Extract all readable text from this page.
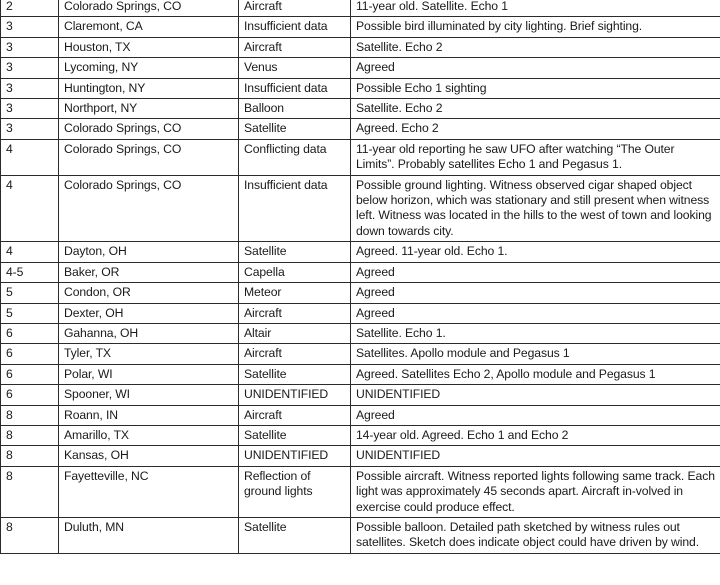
2	Colorado Springs, CO	Aircraft	11-year old. Satellite. Echo 1
3	Claremont, CA	Insufficient data	Possible bird illuminated by city lighting. Brief sighting.
3	Houston, TX	Aircraft	Satellite. Echo 2
3	Lycoming, NY	Venus	Agreed
3	Huntington, NY	Insufficient data	Possible Echo 1 sighting
3	Northport, NY	Balloon	Satellite. Echo 2
3	Colorado Springs, CO	Satellite	Agreed. Echo 2
4	Colorado Springs, CO	Conflicting data	11-year old reporting he saw UFO after watching “The Outer Limits”. Probably satellites Echo 1 and Pegasus 1.
4	Colorado Springs, CO	Insufficient data	Possible ground lighting. Witness observed cigar shaped object below horizon, which was stationary and still present when witness left. Witness was located in the hills to the west of town and looking down towards city.
4	Dayton, OH	Satellite	Agreed. 11-year old. Echo 1.
4-5	Baker, OR	Capella	Agreed
5	Condon, OR	Meteor	Agreed
5	Dexter, OH	Aircraft	Agreed
6	Gahanna, OH	Altair	Satellite. Echo 1.
6	Tyler, TX	Aircraft	Satellites. Apollo module and Pegasus 1
6	Polar, WI	Satellite	Agreed. Satellites Echo 2, Apollo module and Pegasus 1
6	Spooner, WI	UNIDENTIFIED	UNIDENTIFIED
8	Roann, IN	Aircraft	Agreed
8	Amarillo, TX	Satellite	14-year old. Agreed. Echo 1 and Echo 2
8	Kansas, OH	UNIDENTIFIED	UNIDENTIFIED
8	Fayetteville, NC	Reflection of ground lights	Possible aircraft. Witness reported lights following same track. Each light was approximately 45 seconds apart. Aircraft in-volved in exercise could produce effect.
8	Duluth, MN	Satellite	Possible balloon. Detailed path sketched by witness rules out satellites. Sketch does indicate object could have driven by wind.
